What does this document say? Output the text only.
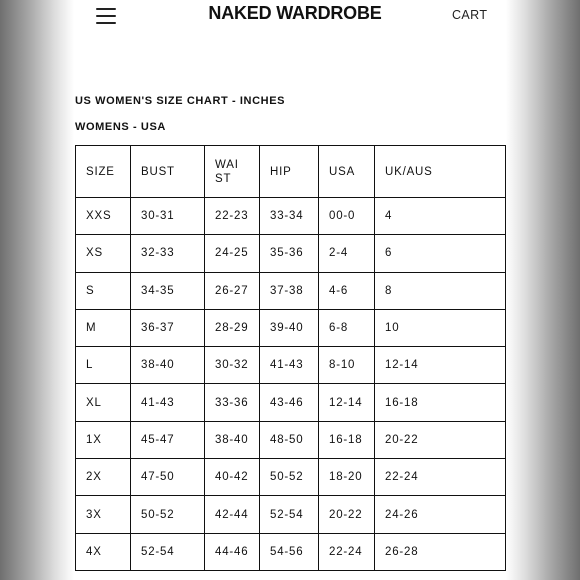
NAKED WARDROBE	CART
US WOMEN'S SIZE CHART - INCHES
WOMENS - USA
SIZE	BUST	WAIST	HIP	USA	UK/AUS
XXS	30-31	22-23	33-34	00-0	4
XS	32-33	24-25	35-36	2-4	6
S	34-35	26-27	37-38	4-6	8
M	36-37	28-29	39-40	6-8	10
L	38-40	30-32	41-43	8-10	12-14
XL	41-43	33-36	43-46	12-14	16-18
1X	45-47	38-40	48-50	16-18	20-22
2X	47-50	40-42	50-52	18-20	22-24
3X	50-52	42-44	52-54	20-22	24-26
4X	52-54	44-46	54-56	22-24	26-28
